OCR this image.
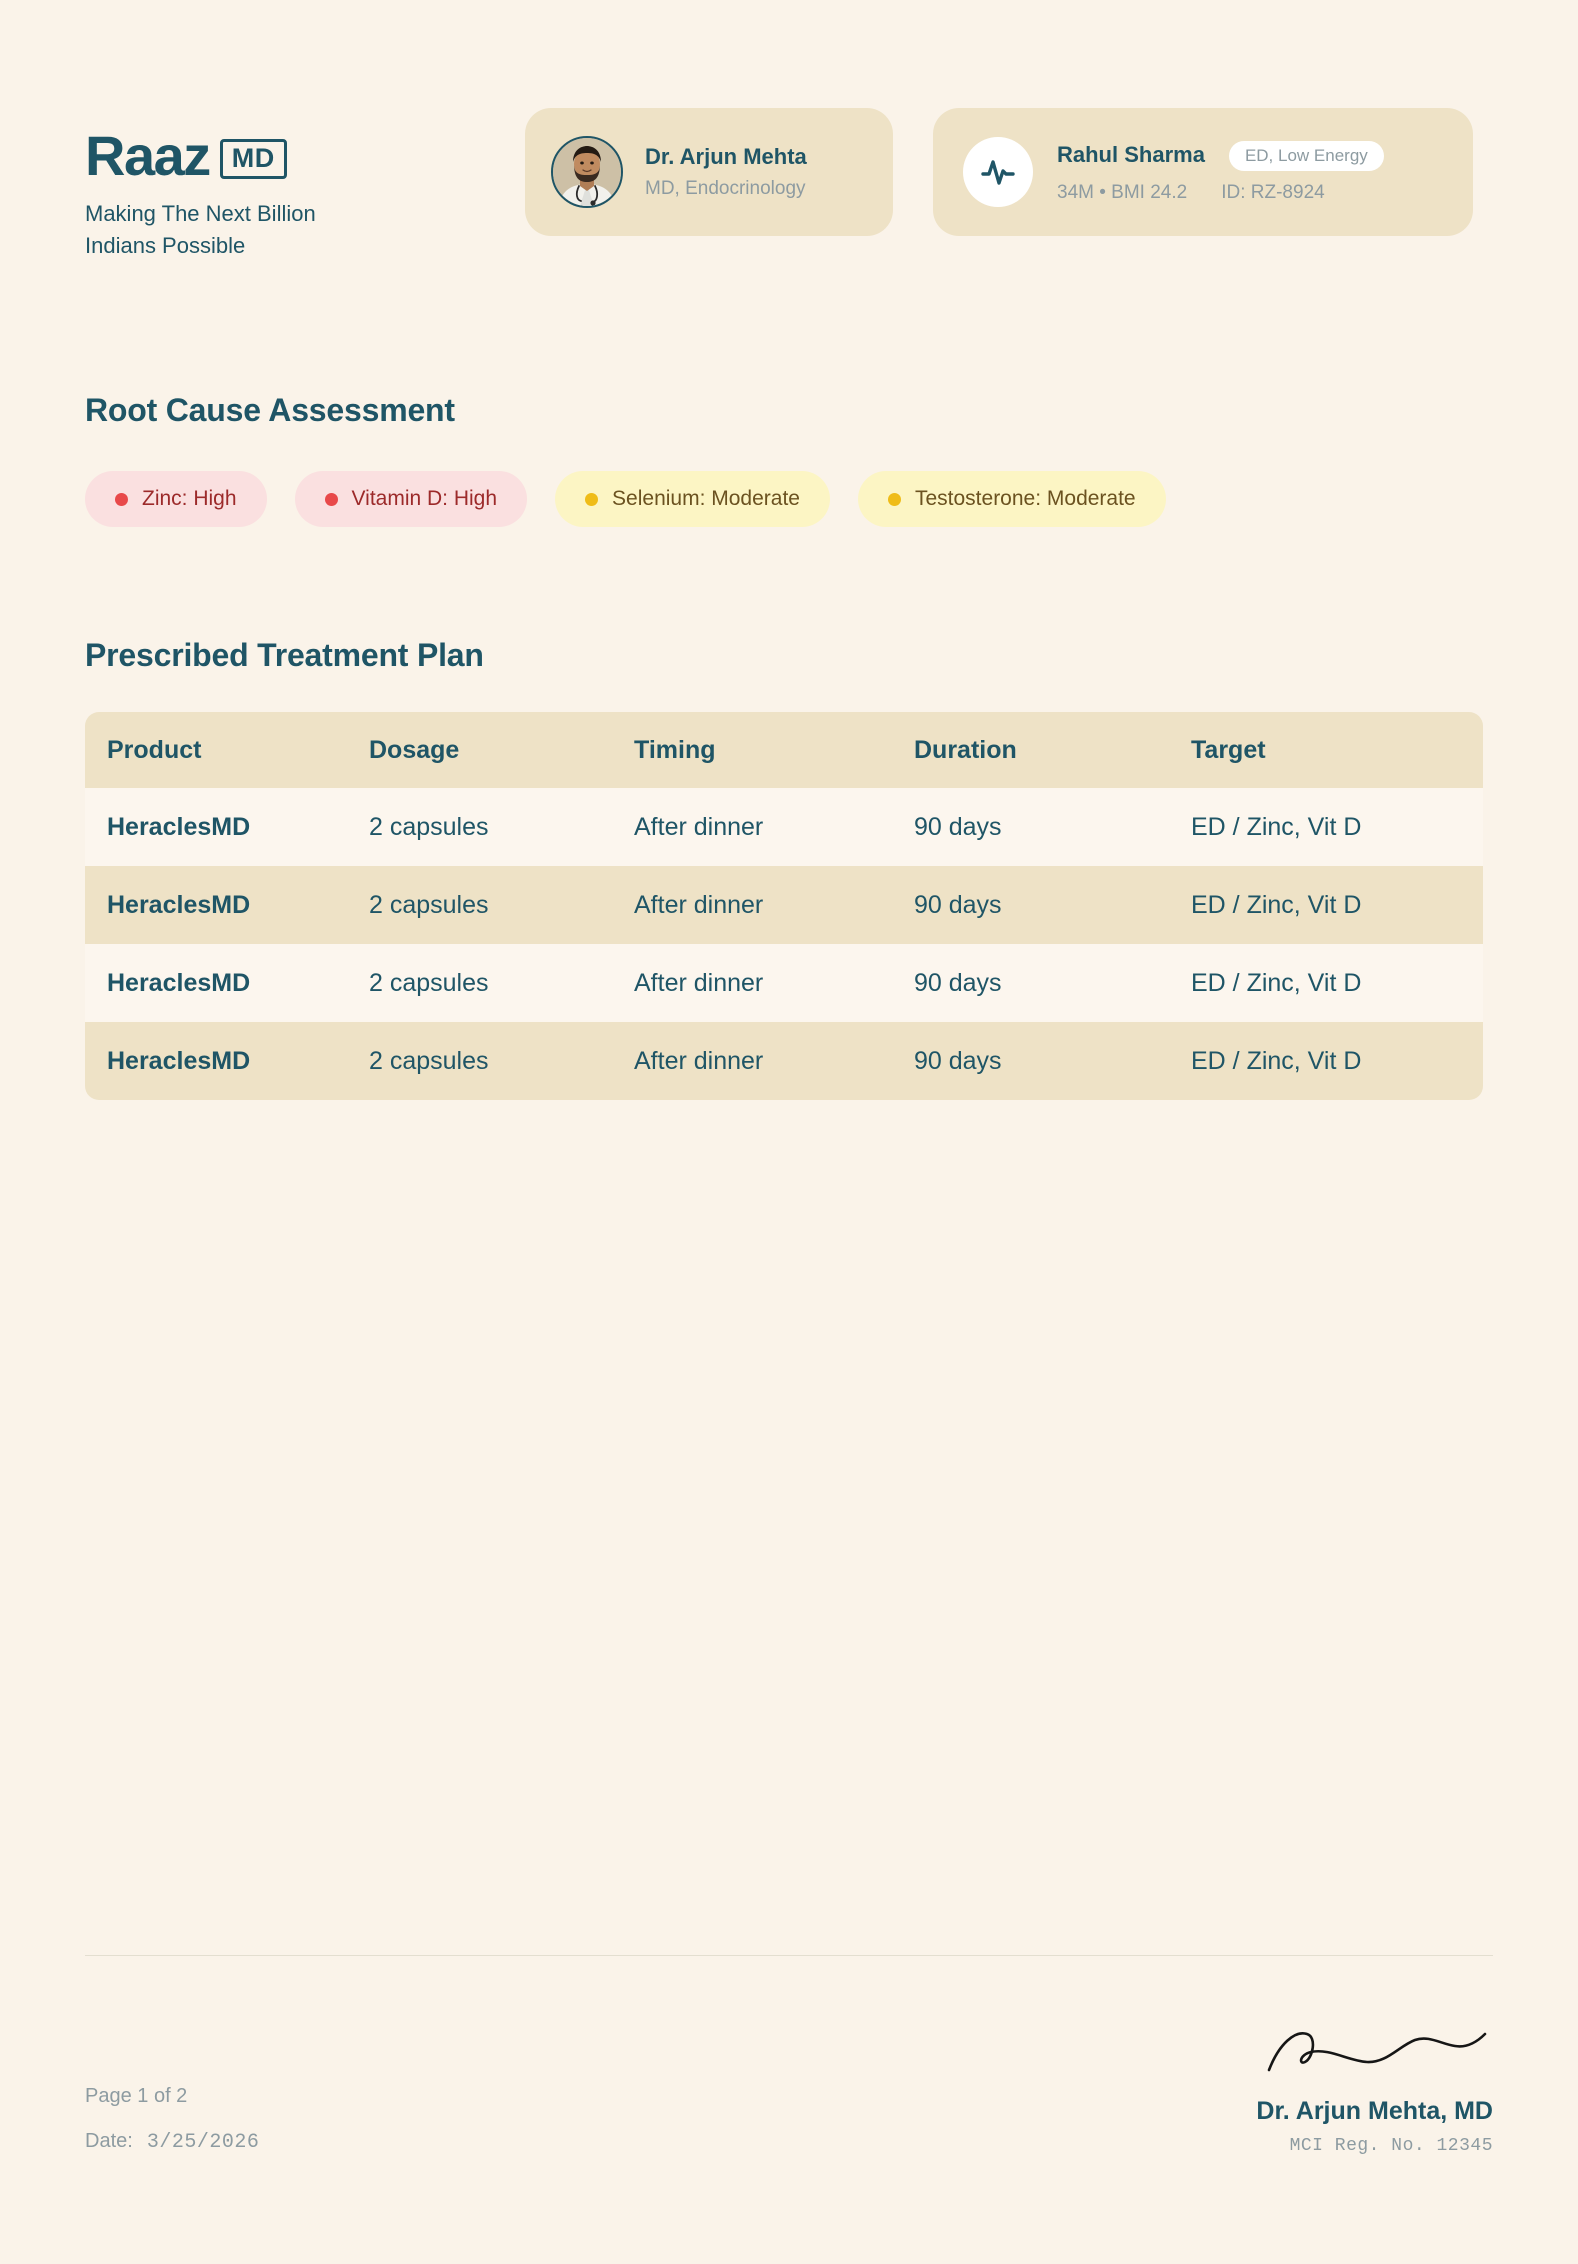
Raaz MD
Making The Next Billion
Indians Possible
Dr. Arjun Mehta
MD, Endocrinology
Rahul Sharma	ED, Low Energy
34M • BMI 24.2 ID: RZ-8924
Root Cause Assessment
Zinc: High	Vitamin D: High	Selenium: Moderate	Testosterone: Moderate
Prescribed Treatment Plan
Product	Dosage	Timing	Duration	Target
HeraclesMD	2 capsules	After dinner	90 days	ED / Zinc, Vit D
HeraclesMD	2 capsules	After dinner	90 days	ED / Zinc, Vit D
HeraclesMD	2 capsules	After dinner	90 days	ED / Zinc, Vit D
HeraclesMD	2 capsules	After dinner	90 days	ED / Zinc, Vit D
Page 1 of 2
Date: 3/25/2026
Dr. Arjun Mehta, MD
MCI Reg. No. 12345
